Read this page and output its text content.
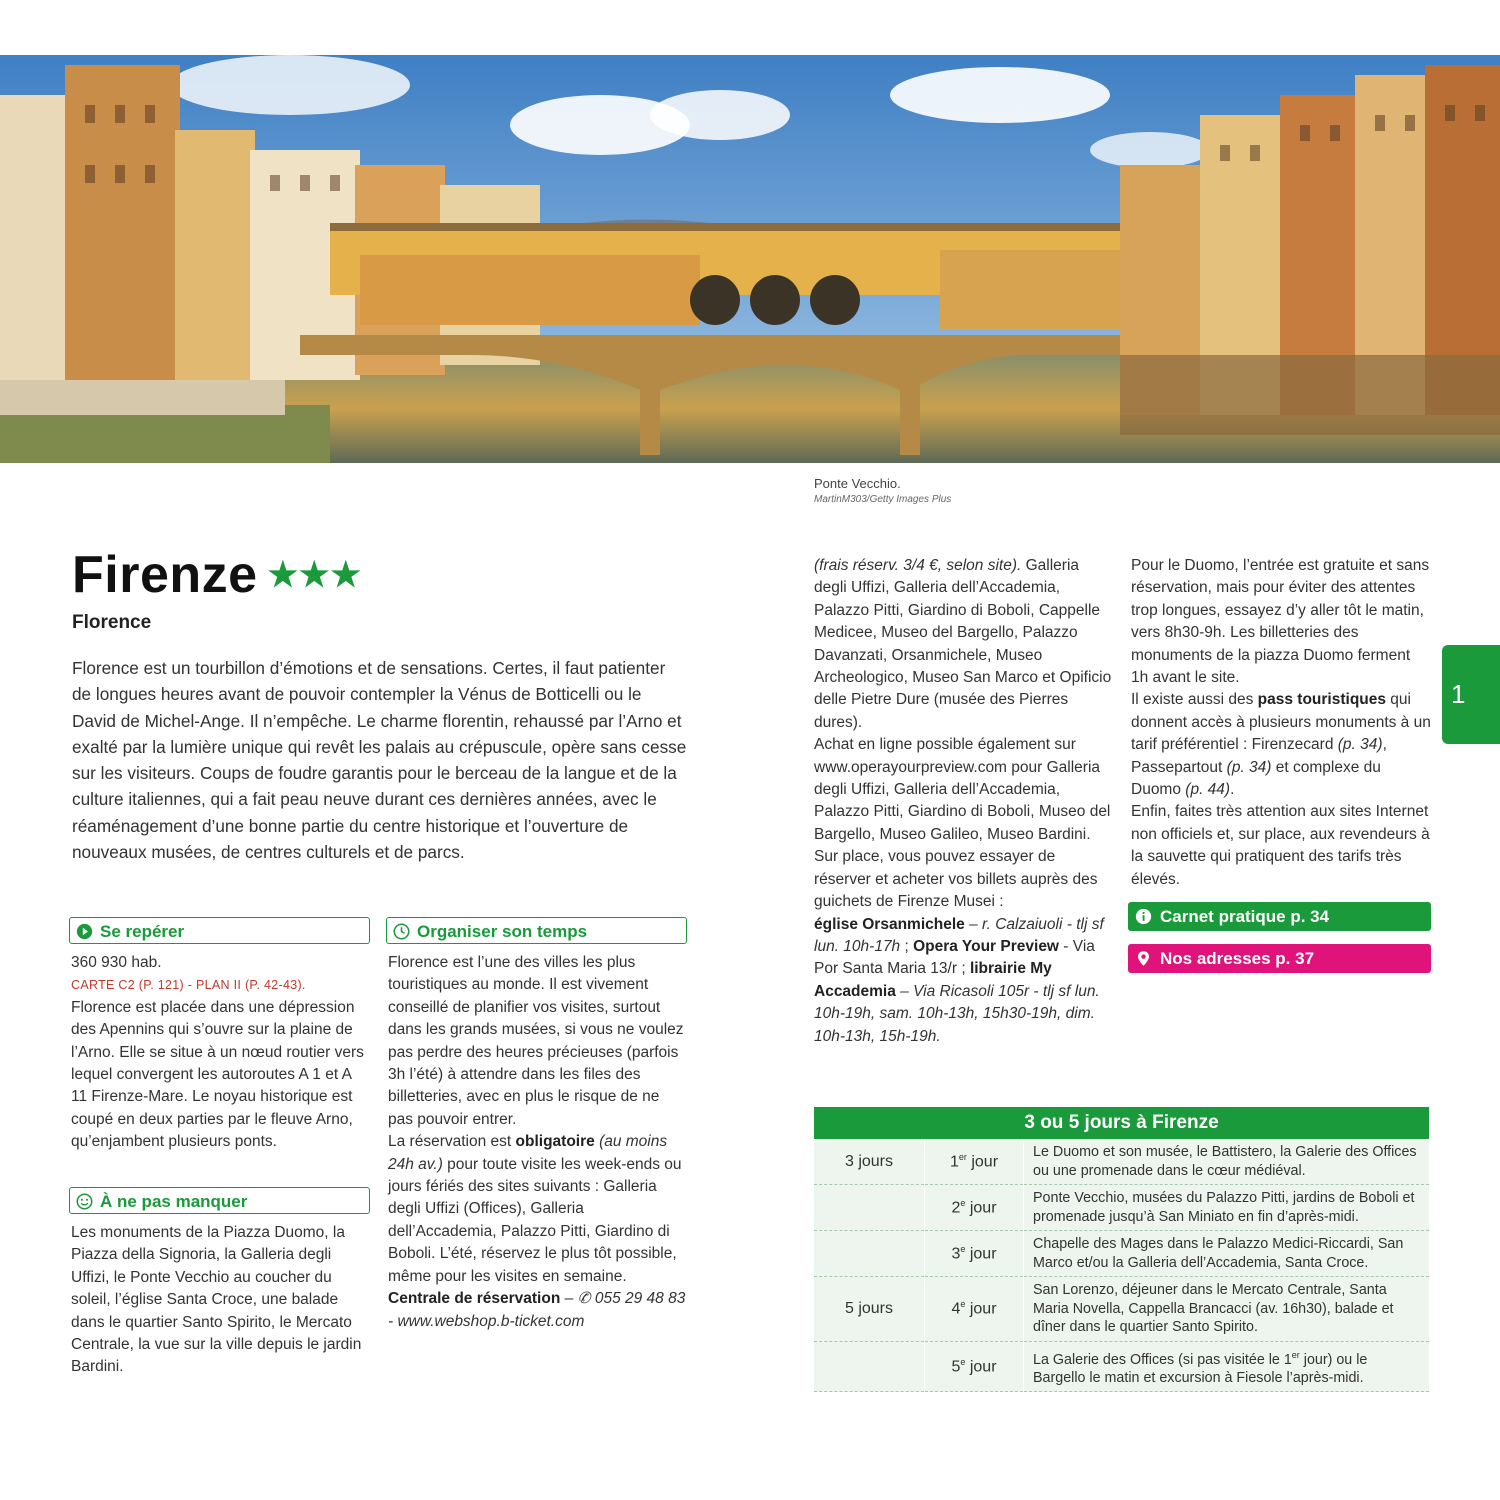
Ponte Vecchio.
MartinM303/Getty Images Plus
Firenze ★★★
Florence
Florence est un tourbillon d’émotions et de sensations. Certes, il faut patienter de longues heures avant de pouvoir contempler la Vénus de Botticelli ou le David de Michel-Ange. Il n’empêche. Le charme florentin, rehaussé par l’Arno et exalté par la lumière unique qui revêt les palais au crépuscule, opère sans cesse sur les visiteurs. Coups de foudre garantis pour le berceau de la langue et de la culture italiennes, qui a fait peau neuve durant ces dernières années, avec le réaménagement d’une bonne partie du centre historique et l’ouverture de nouveaux musées, de centres culturels et de parcs.
Se repérer

360 930 hab.

CARTE C2 (P. 121) - PLAN II (P. 42-43).

Florence est placée dans une dépression des Apennins qui s’ouvre sur la plaine de l’Arno. Elle se situe à un nœud routier vers lequel convergent les autoroutes A 1 et A 11 Firenze-Mare. Le noyau historique est coupé en deux parties par le fleuve Arno, qu’enjambent plusieurs ponts.

À ne pas manquer

Les monuments de la Piazza Duomo, la Piazza della Signoria, la Galleria degli Uffizi, le Ponte Vecchio au coucher du soleil, l’église Santa Croce, une balade dans le quartier Santo Spirito, le Mercato Centrale, la vue sur la ville depuis le jardin Bardini.

Organiser son temps

Florence est l’une des villes les plus touristiques au monde. Il est vivement conseillé de planifier vos visites, surtout dans les grands musées, si vous ne voulez pas perdre des heures précieuses (parfois 3h l’été) à attendre dans les files des billetteries, avec en plus le risque de ne pas pouvoir entrer.

La réservation est obligatoire (au moins 24h av.) pour toute visite les week-ends ou jours fériés des sites suivants : Galleria degli Uffizi (Offices), Galleria dell’Accademia, Palazzo Pitti, Giardino di Boboli. L’été, réservez le plus tôt possible, même pour les visites en semaine.

Centrale de réservation – ✆ 055 29 48 83 - www.webshop.b-ticket.com

(frais réserv. 3/4 €, selon site). Galleria degli Uffizi, Galleria dell’Accademia, Palazzo Pitti, Giardino di Boboli, Cappelle Medicee, Museo del Bargello, Palazzo Davanzati, Orsanmichele, Museo Archeologico, Museo San Marco et Opificio delle Pietre Dure (musée des Pierres dures).

Achat en ligne possible également sur www.operayourpreview.com pour Galleria degli Uffizi, Galleria dell’Accademia, Palazzo Pitti, Giardino di Boboli, Museo del Bargello, Museo Galileo, Museo Bardini.

Sur place, vous pouvez essayer de réserver et acheter vos billets auprès des guichets de Firenze Musei :

église Orsanmichele – r. Calzaiuoli - tlj sf lun. 10h-17h ; Opera Your Preview - Via Por Santa Maria 13/r ; librairie My Accademia – Via Ricasoli 105r - tlj sf lun. 10h-19h, sam. 10h-13h, 15h30-19h, dim. 10h-13h, 15h-19h.

Pour le Duomo, l’entrée est gratuite et sans réservation, mais pour éviter des attentes trop longues, essayez d’y aller tôt le matin, vers 8h30-9h. Les billetteries des monuments de la piazza Duomo ferment 1h avant le site.

Il existe aussi des pass touristiques qui donnent accès à plusieurs monuments à un tarif préférentiel : Firenzecard (p. 34), Passepartout (p. 34) et complexe du Duomo (p. 44).

Enfin, faites très attention aux sites Internet non officiels et, sur place, aux revendeurs à la sauvette qui pratiquent des tarifs très élevés.

Carnet pratique p. 34
Nos adresses p. 37
1
3 ou 5 jours à Firenze		
3 jours	1er jour	Le Duomo et son musée, le Battistero, la Galerie des Offices ou une promenade dans le cœur médiéval.
	2e jour	Ponte Vecchio, musées du Palazzo Pitti, jardins de Boboli et promenade jusqu’à San Miniato en fin d’après-midi.
	3e jour	Chapelle des Mages dans le Palazzo Medici-Riccardi, San Marco et/ou la Galleria dell’Accademia, Santa Croce.
5 jours	4e jour	San Lorenzo, déjeuner dans le Mercato Centrale, Santa Maria Novella, Cappella Brancacci (av. 16h30), balade et dîner dans le quartier Santo Spirito.
	5e jour	La Galerie des Offices (si pas visitée le 1er jour) ou le Bargello le matin et excursion à Fiesole l’après-midi.
